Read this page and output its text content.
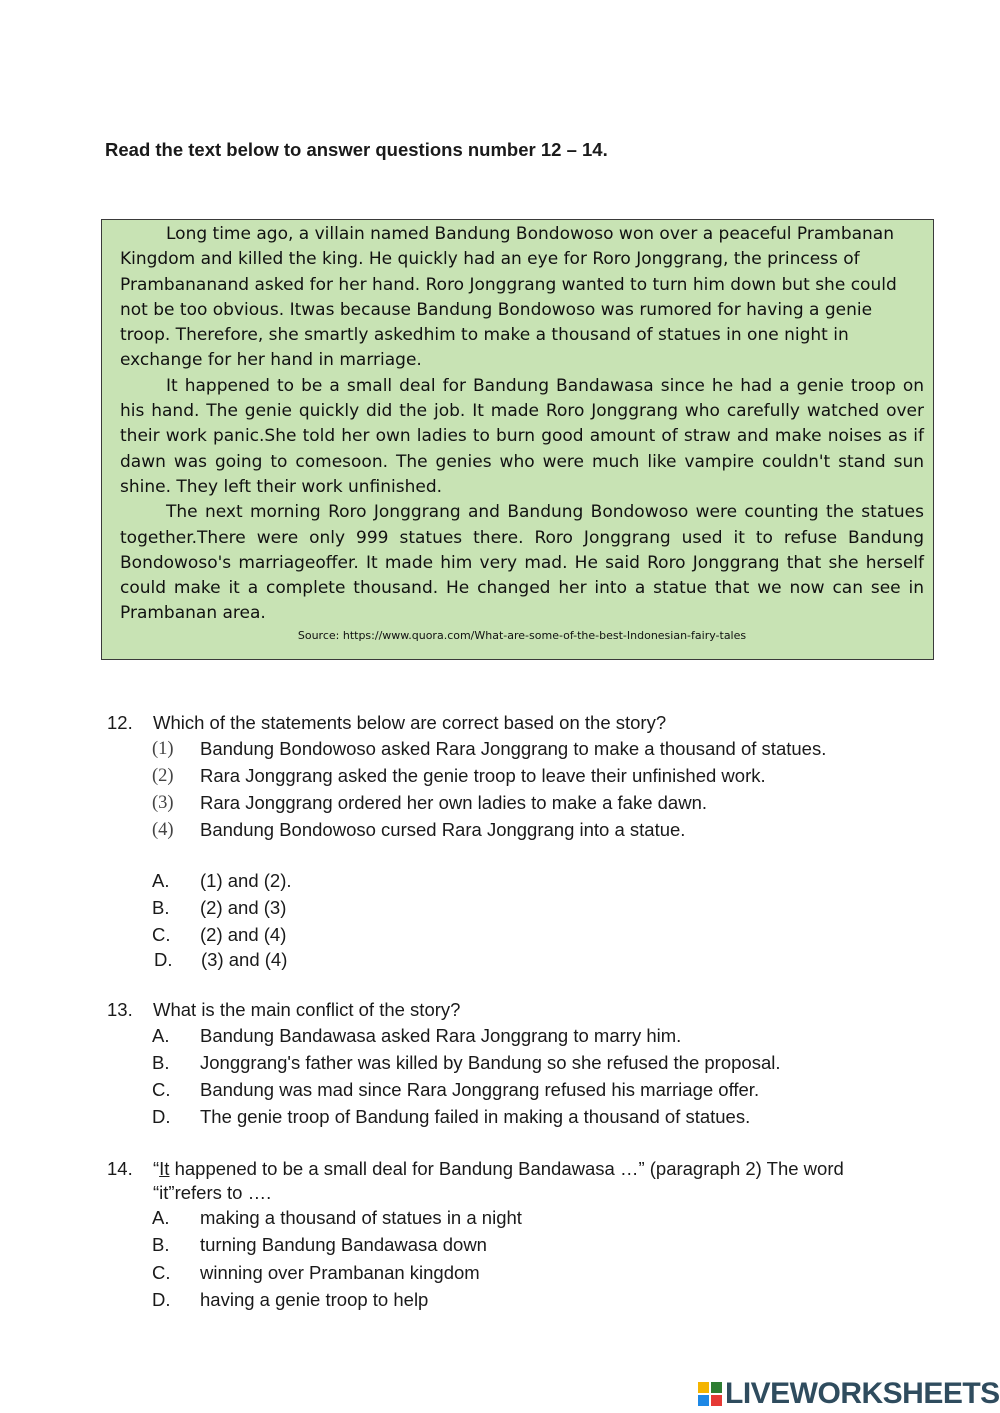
Read the text below to answer questions number 12 – 14.

Long time ago, a villain named Bandung Bondowoso won over a peaceful Prambanan Kingdom and killed the king. He quickly had an eye for Roro Jonggrang, the princess of Prambananand asked for her hand. Roro Jonggrang wanted to turn him down but she could not be too obvious. Itwas because Bandung Bondowoso was rumored for having a genie troop. Therefore, she smartly askedhim to make a thousand of statues in one night in exchange for her hand in marriage.

It happened to be a small deal for Bandung Bandawasa since he had a genie troop on his hand. The genie quickly did the job. It made Roro Jonggrang who carefully watched over their work panic.She told her own ladies to burn good amount of straw and make noises as if dawn was going to comesoon. The genies who were much like vampire couldn't stand sun shine. They left their work unfinished.

The next morning Roro Jonggrang and Bandung Bondowoso were counting the statues together.There were only 999 statues there. Roro Jonggrang used it to refuse Bandung Bondowoso's marriageoffer. It made him very mad. He said Roro Jonggrang that she herself could make it a complete thousand. He changed her into a statue that we now can see in Prambanan area.

Source: https://www.quora.com/What-are-some-of-the-best-Indonesian-fairy-tales
12. Which of the statements below are correct based on the story?
(1) Bandung Bondowoso asked Rara Jonggrang to make a thousand of statues.
(2) Rara Jonggrang asked the genie troop to leave their unfinished work.
(3) Rara Jonggrang ordered her own ladies to make a fake dawn.
(4) Bandung Bondowoso cursed Rara Jonggrang into a statue.
A. (1) and (2).
B. (2) and (3)
C. (2) and (4)
D. (3) and (4)
13. What is the main conflict of the story?
A. Bandung Bandawasa asked Rara Jonggrang to marry him.
B. Jonggrang's father was killed by Bandung so she refused the proposal.
C. Bandung was mad since Rara Jonggrang refused his marriage offer.
D. The genie troop of Bandung failed in making a thousand of statues.
14. “It happened to be a small deal for Bandung Bandawasa …” (paragraph 2) The word “it”refers to ….
A. making a thousand of statues in a night
B. turning Bandung Bandawasa down
C. winning over Prambanan kingdom
D. having a genie troop to help
LIVEWORKSHEETS
